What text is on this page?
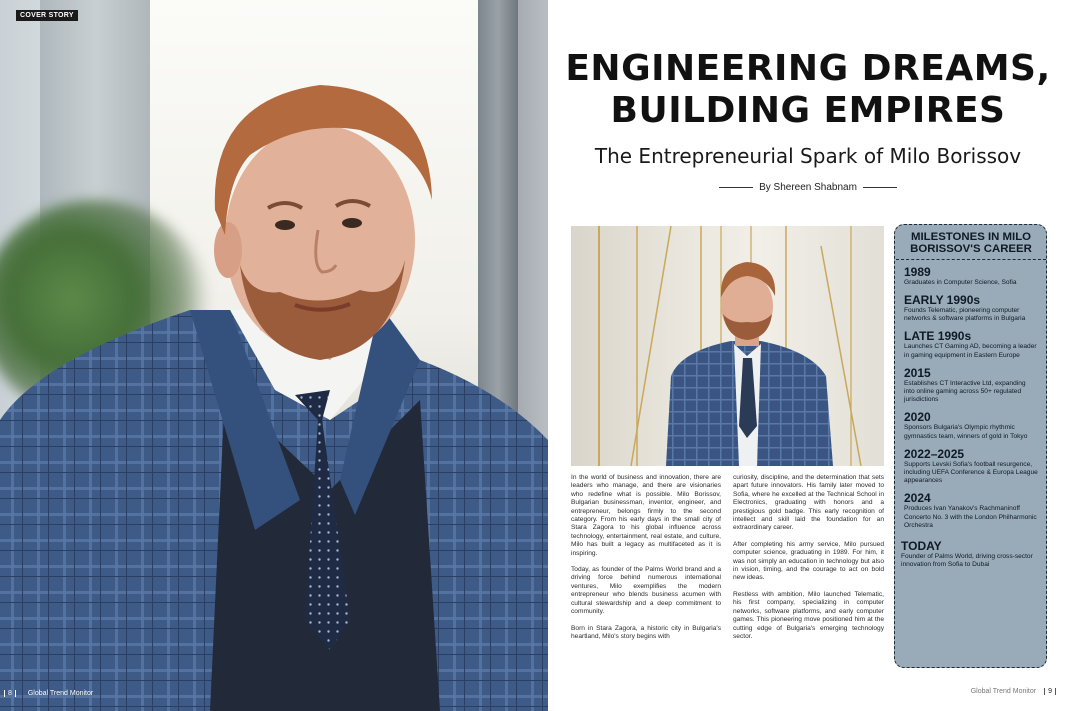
COVER STORY
8 Global Trend Monitor
ENGINEERING DREAMS,
BUILDING EMPIRES
The Entrepreneurial Spark of Milo Borissov
By Shereen Shabnam

In the world of business and innovation, there are leaders who manage, and there are visionaries who redefine what is possible. Milo Borissov, Bulgarian businessman, inventor, engineer, and entrepreneur, belongs firmly to the second category. From his early days in the small city of Stara Zagora to his global influence across technology, entertainment, real estate, and culture, Milo has built a legacy as multifaceted as it is inspiring.

Today, as founder of the Palms World brand and a driving force behind numerous international ventures, Milo exemplifies the modern entrepreneur who blends business acumen with cultural stewardship and a deep commitment to community.

Born in Stara Zagora, a historic city in Bulgaria's heartland, Milo's story begins with

curiosity, discipline, and the determination that sets apart future innovators. His family later moved to Sofia, where he excelled at the Technical School in Electronics, graduating with honors and a prestigious gold badge. This early recognition of intellect and skill laid the foundation for an extraordinary career.

After completing his army service, Milo pursued computer science, graduating in 1989. For him, it was not simply an education in technology but also in vision, timing, and the courage to act on bold new ideas.

Restless with ambition, Milo launched Telematic, his first company, specializing in computer networks, software platforms, and early computer games. This pioneering move positioned him at the cutting edge of Bulgaria's emerging technology sector.

MILESTONES IN MILO BORISSOV'S CAREER
1989
Graduates in Computer Science, Sofia
EARLY 1990s
Founds Telematic, pioneering computer networks & software platforms in Bulgaria
LATE 1990s
Launches CT Gaming AD, becoming a leader in gaming equipment in Eastern Europe
2015
Establishes CT Interactive Ltd, expanding into online gaming across 50+ regulated jurisdictions
2020
Sponsors Bulgaria's Olympic rhythmic gymnastics team, winners of gold in Tokyo
2022–2025
Supports Levski Sofia's football resurgence, including UEFA Conference & Europa League appearances
2024
Produces Ivan Yanakov's Rachmaninoff Concerto No. 3 with the London Philharmonic Orchestra
TODAY
Founder of Palms World, driving cross-sector innovation from Sofia to Dubai
Global Trend Monitor 9
